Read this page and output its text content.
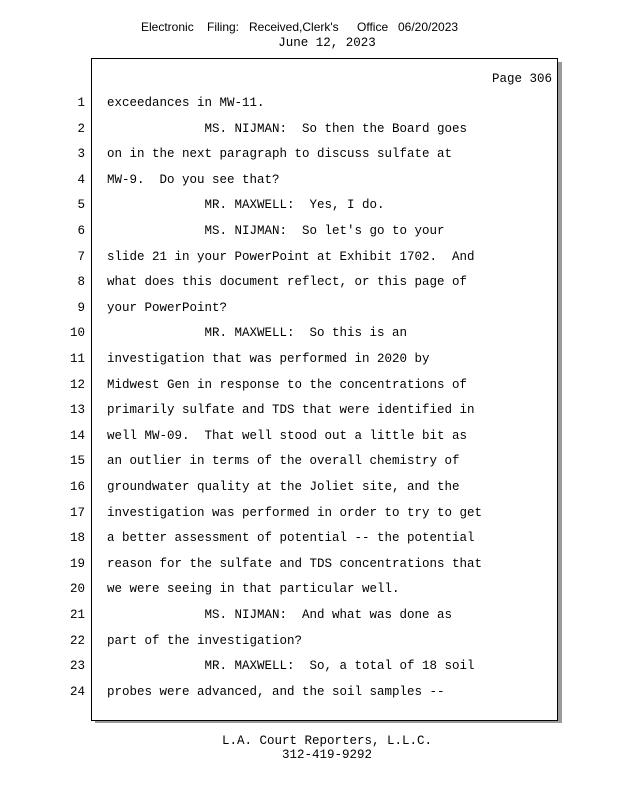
Electronic Filing: Received,Clerk's Office 06/20/2023
June 12, 2023
Page 306
1 exceedances in MW-11.
2 MS. NIJMAN:  So then the Board goes
3 on in the next paragraph to discuss sulfate at
4 MW-9.  Do you see that?
5 MR. MAXWELL:  Yes, I do.
6 MS. NIJMAN:  So let's go to your
7 slide 21 in your PowerPoint at Exhibit 1702.  And
8 what does this document reflect, or this page of
9 your PowerPoint?
10 MR. MAXWELL:  So this is an
11 investigation that was performed in 2020 by
12 Midwest Gen in response to the concentrations of
13 primarily sulfate and TDS that were identified in
14 well MW-09.  That well stood out a little bit as
15 an outlier in terms of the overall chemistry of
16 groundwater quality at the Joliet site, and the
17 investigation was performed in order to try to get
18 a better assessment of potential -- the potential
19 reason for the sulfate and TDS concentrations that
20 we were seeing in that particular well.
21 MS. NIJMAN:  And what was done as
22 part of the investigation?
23 MR. MAXWELL:  So, a total of 18 soil
24 probes were advanced, and the soil samples --
L.A. Court Reporters, L.L.C.
312-419-9292
